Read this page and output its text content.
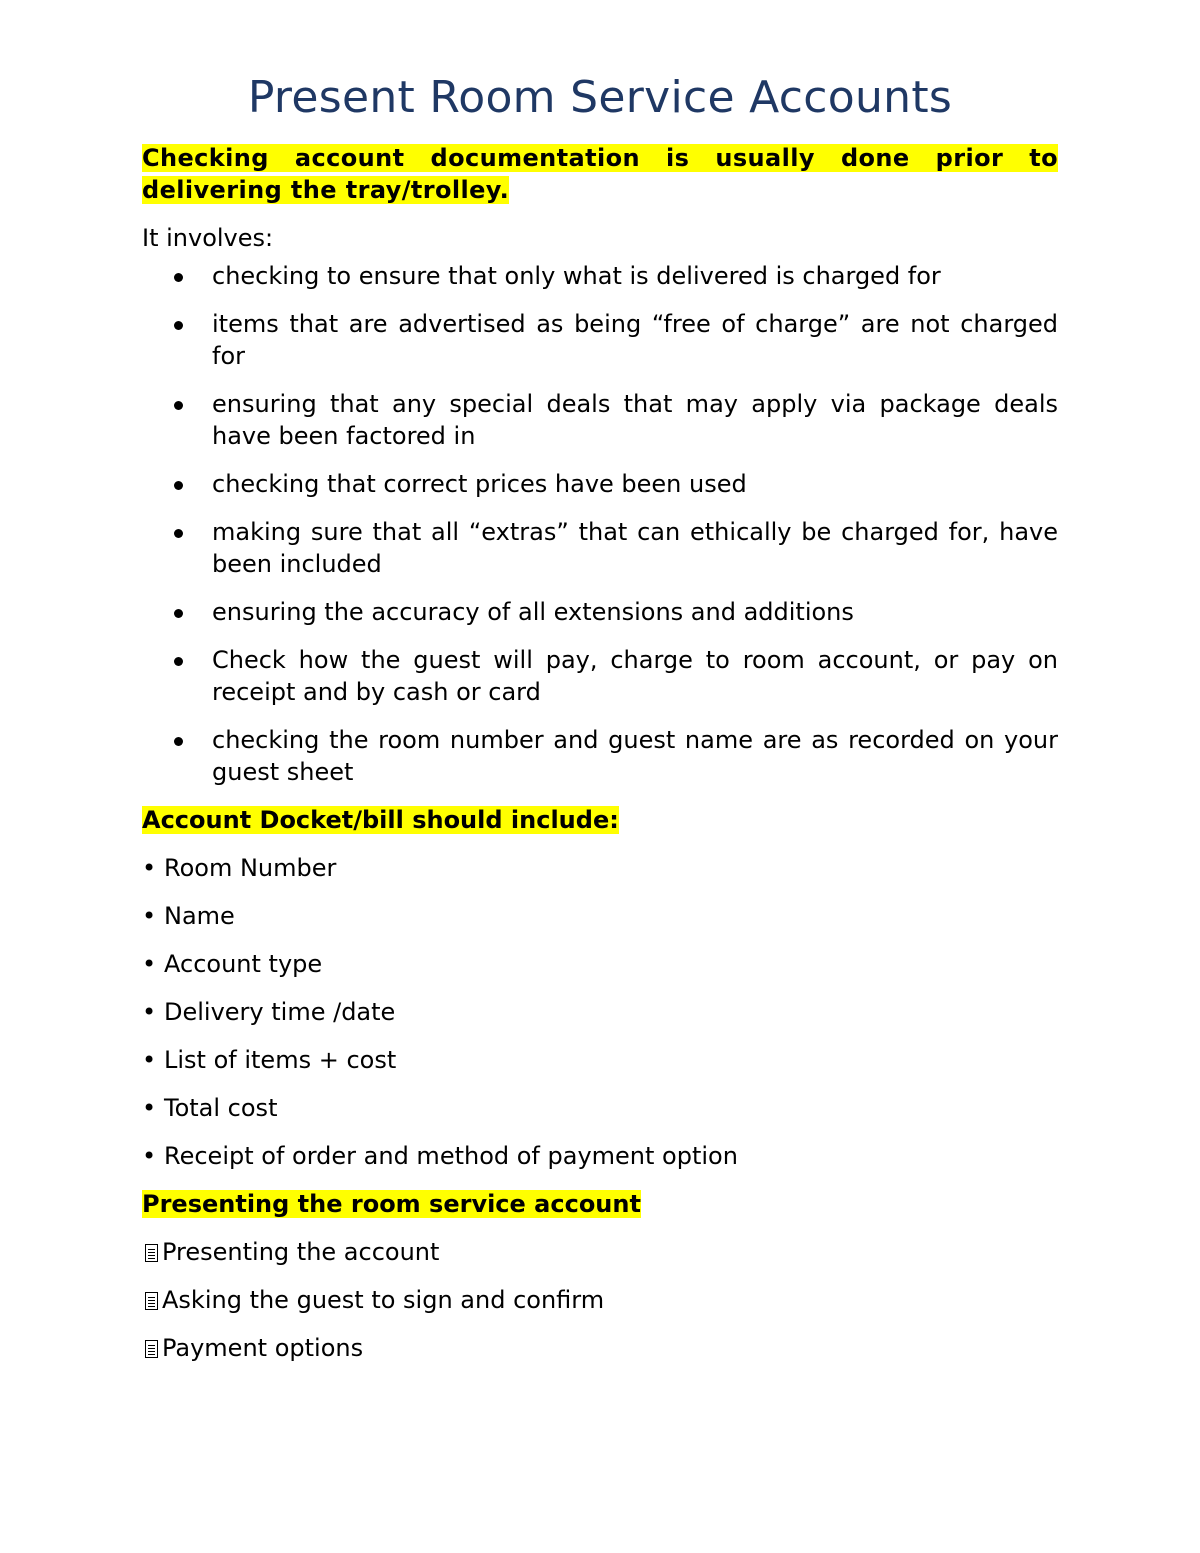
Present Room Service Accounts

Checking account documentation is usually done prior to delivering the tray/trolley.

It involves:

checking to ensure that only what is delivered is charged for
items that are advertised as being “free of charge” are not charged for
ensuring that any special deals that may apply via package deals have been factored in
checking that correct prices have been used
making sure that all “extras” that can ethically be charged for, have been included
ensuring the accuracy of all extensions and additions
Check how the guest will pay, charge to room account, or pay on receipt and by cash or card
checking the room number and guest name are as recorded on your guest sheet

Account Docket/bill should include:

• Room Number
• Name
• Account type
• Delivery time /date
• List of items + cost
• Total cost
• Receipt of order and method of payment option

Presenting the room service account

Presenting the account
Asking the guest to sign and confirm
Payment options
